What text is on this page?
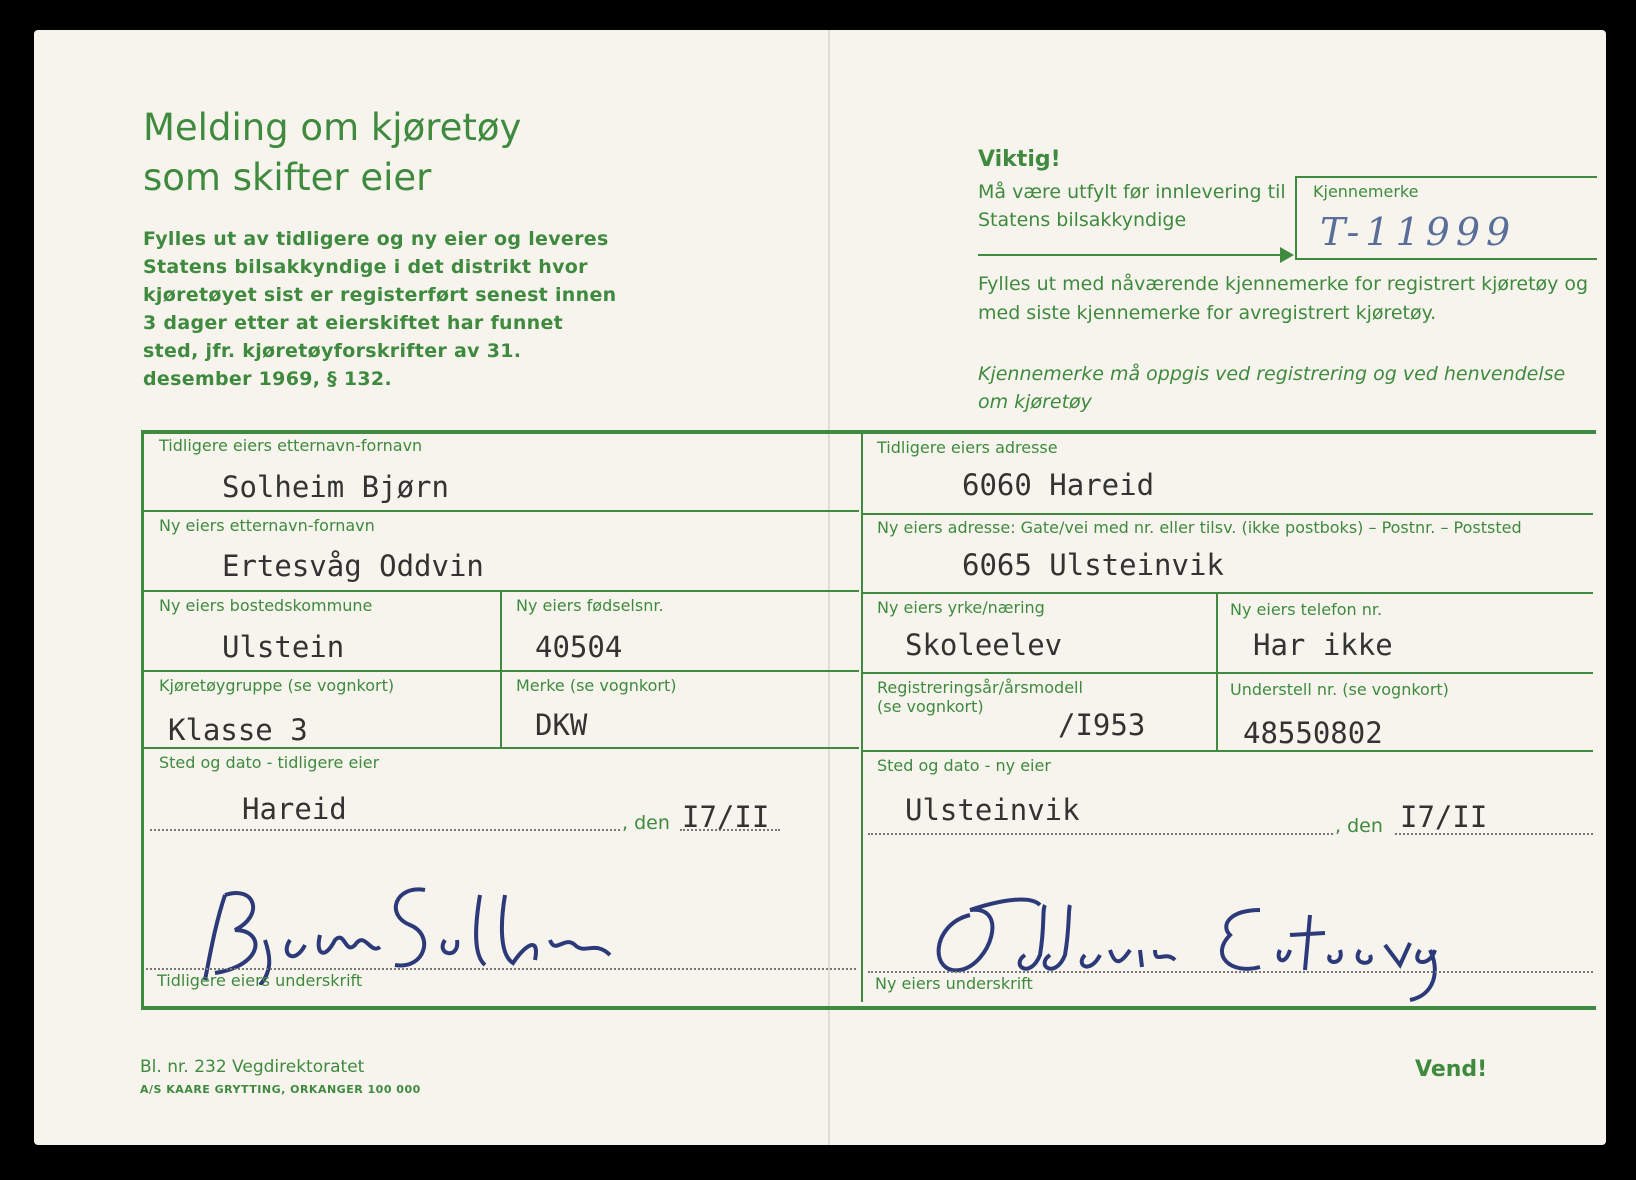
Melding om kjøretøy
som skifter eier
Fylles ut av tidligere og ny eier og leveres Statens bilsakkyndige i det distrikt hvor kjøretøyet sist er registerført senest innen 3 dager etter at eierskiftet har funnet sted, jfr. kjøretøyforskrifter av 31. desember 1969, § 132.
Viktig!
Må være utfylt før innlevering til Statens bilsakkyndige
Kjennemerke
T-11999
Fylles ut med nåværende kjennemerke for registrert kjøretøy og med siste kjennemerke for avregistrert kjøretøy.
Kjennemerke må oppgis ved registrering og ved henvendelse om kjøretøy
Tidligere eiers etternavn-fornavn
Solheim Bjørn
Tidligere eiers adresse
6060 Hareid
Ny eiers etternavn-fornavn
Ertesvåg Oddvin
Ny eiers adresse: Gate/vei med nr. eller tilsv. (ikke postboks) – Postnr. – Poststed
6065 Ulsteinvik
Ny eiers bostedskommune
Ulstein
Ny eiers fødselsnr.
40504
Ny eiers yrke/næring
Skoleelev
Ny eiers telefon nr.
Har ikke
Kjøretøygruppe (se vognkort)
Klasse 3
Merke (se vognkort)
DKW
Registreringsår/årsmodell
(se vognkort)
/I953
Understell nr. (se vognkort)
48550802
Sted og dato - tidligere eier
Hareid	, den I7/II
Sted og dato - ny eier
Ulsteinvik	, den I7/II
Tidligere eiers underskrift	Ny eiers underskrift
Bl. nr. 232 Vegdirektoratet
A/S KAARE GRYTTING, ORKANGER 100 000
Vend!
